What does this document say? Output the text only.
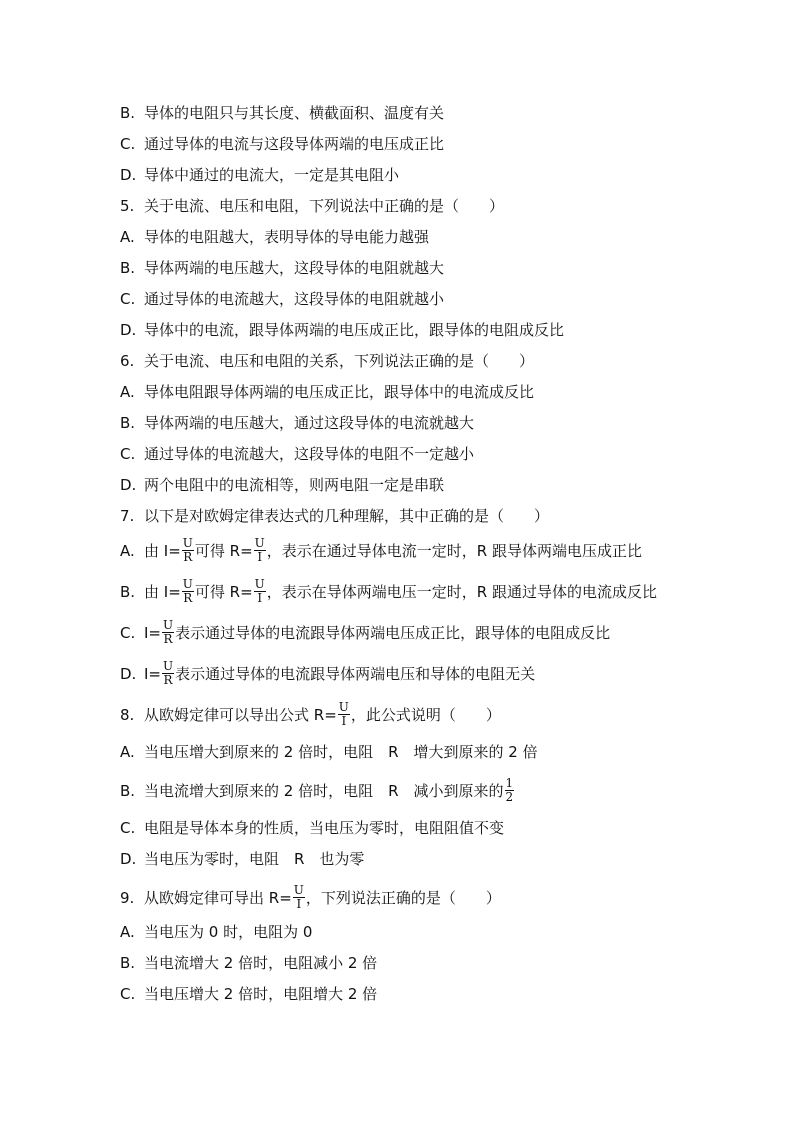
B. 导体的电阻只与其长度、横截面积、温度有关
C. 通过导体的电流与这段导体两端的电压成正比
D. 导体中通过的电流大，一定是其电阻小
5. 关于电流、电压和电阻，下列说法中正确的是（　　）
A. 导体的电阻越大，表明导体的导电能力越强
B. 导体两端的电压越大，这段导体的电阻就越大
C. 通过导体的电流越大，这段导体的电阻就越小
D. 导体中的电流，跟导体两端的电压成正比，跟导体的电阻成反比
6. 关于电流、电压和电阻的关系，下列说法正确的是（　　）
A. 导体电阻跟导体两端的电压成正比，跟导体中的电流成反比
B. 导体两端的电压越大，通过这段导体的电流就越大
C. 通过导体的电流越大，这段导体的电阻不一定越小
D. 两个电阻中的电流相等，则两电阻一定是串联
7. 以下是对欧姆定律表达式的几种理解，其中正确的是（　　）
A. 由 $I= \frac{U}{R}$ 可得 $R= \frac{U}{I}$ ，表示在通过导体电流一定时，R 跟导体两端电压成正比
B. 由 $I= \frac{U}{R}$ 可得 $R= \frac{U}{I}$ ，表示在导体两端电压一定时，R 跟通过导体的电流成反比
C. $I= \frac{U}{R}$ 表示通过导体的电流跟导体两端电压成正比，跟导体的电阻成反比
D. $I= \frac{U}{R}$ 表示通过导体的电流跟导体两端电压和导体的电阻无关
8. 从欧姆定律可以导出公式 $R= \frac{U}{I}$ ，此公式说明（　　）
A. 当电压增大到原来的 2 倍时，电阻　R　增大到原来的 2 倍
B. 当电流增大到原来的 2 倍时，电阻　R　减小到原来的 $\frac{1}{2}$
C. 电阻是导体本身的性质，当电压为零时，电阻阻值不变
D. 当电压为零时，电阻　R　也为零
9. 从欧姆定律可导出 $R= \frac{U}{I}$ ，下列说法正确的是（　　）
A. 当电压为 0 时，电阻为 0
B. 当电流增大 2 倍时，电阻减小 2 倍
C. 当电压增大 2 倍时，电阻增大 2 倍
